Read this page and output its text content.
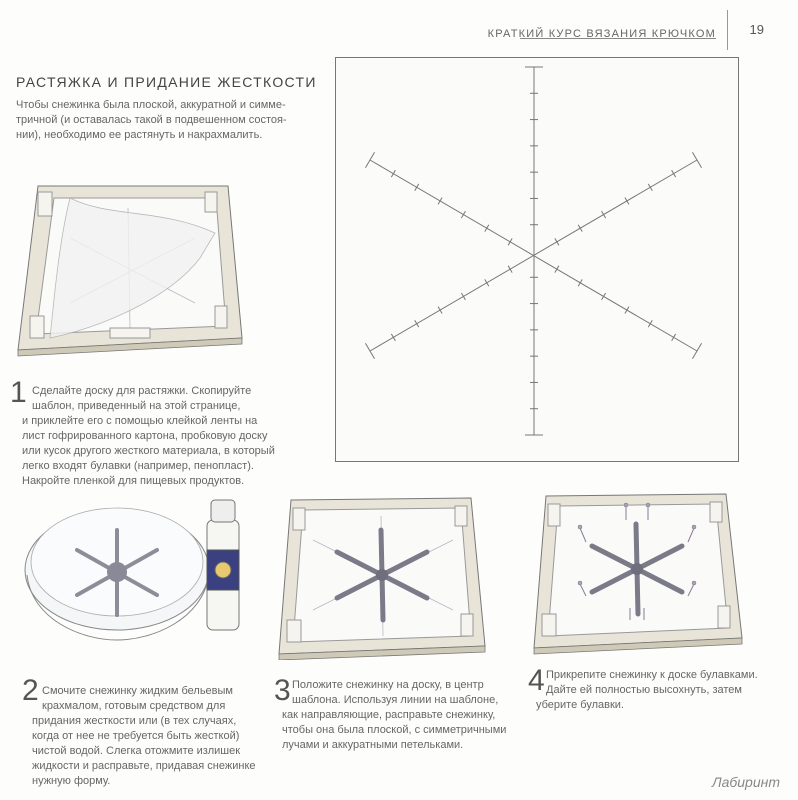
КРАТКИЙ КУРС ВЯЗАНИЯ КРЮЧКОМ	19
РАСТЯЖКА И ПРИДАНИЕ ЖЕСТКОСТИ
Чтобы снежинка была плоской, аккуратной и симме-
тричной (и оставалась такой в подвешенном состоя-
нии), необходимо ее растянуть и накрахмалить.
1 Сделайте доску для растяжки. Скопируйте
шаблон, приведенный на этой странице,
и приклейте его с помощью клейкой ленты на
лист гофрированного картона, пробковую доску
или кусок другого жесткого материала, в который
легко входят булавки (например, пенопласт).
Накройте пленкой для пищевых продуктов.
2 Смочите снежинку жидким бельевым
крахмалом, готовым средством для
придания жесткости или (в тех случаях,
когда от нее не требуется быть жесткой)
чистой водой. Слегка отожмите излишек
жидкости и расправьте, придавая снежинке
нужную форму.
3 Положите снежинку на доску, в центр
шаблона. Используя линии на шаблоне,
как направляющие, расправьте снежинку,
чтобы она была плоской, с симметричными
лучами и аккуратными петельками.
4 Прикрепите снежинку к доске булавками.
Дайте ей полностью высохнуть, затем
уберите булавки.
Лабиринт
